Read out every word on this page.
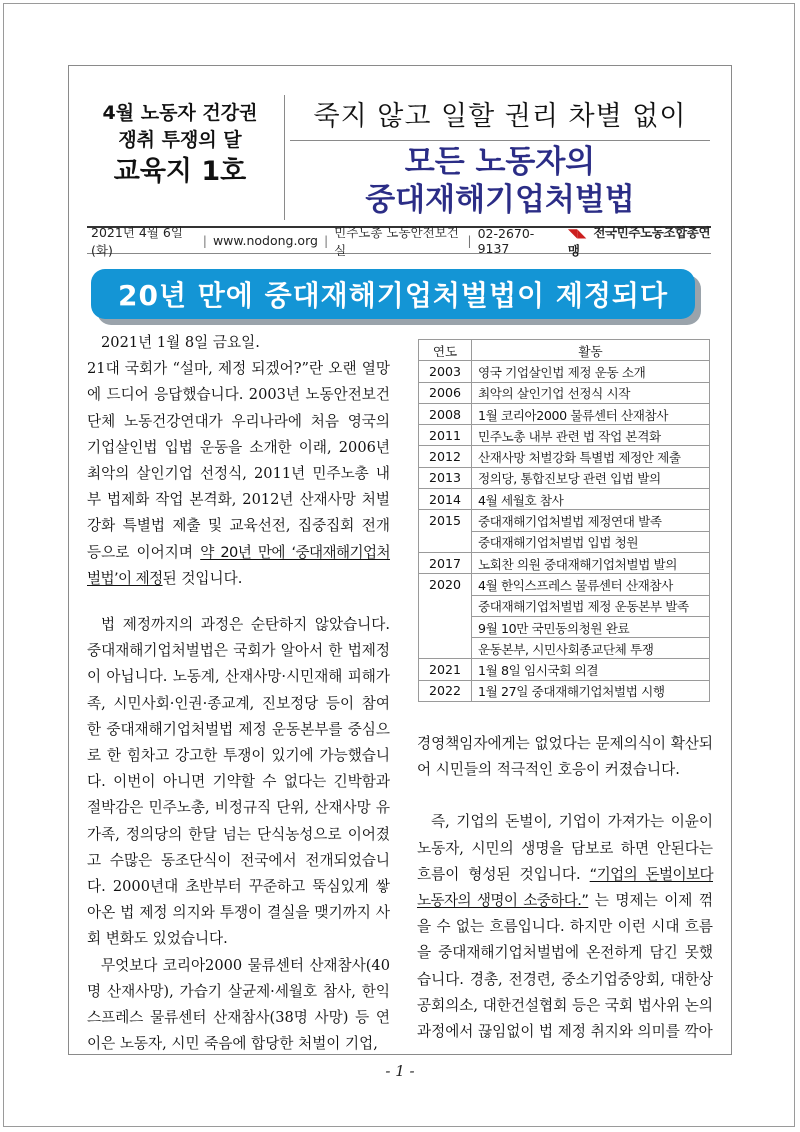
4월 노동자 건강권
쟁취 투쟁의 달
교육지 1호
죽지 않고 일할 권리 차별 없이
모든 노동자의
중대재해기업처벌법
2021년 4월 6일(화)
| www.nodong.org |
민주노총 노동안전보건실
| 02-2670-9137
◥◣ 전국민주노동조합총연맹
20년 만에 중대재해기업처벌법이 제정되다

2021년 1월 8일 금요일.

21대 국회가 “설마, 제정 되겠어?”란 오랜 열망에 드디어 응답했습니다. 2003년 노동안전보건단체 노동건강연대가 우리나라에 처음 영국의 기업살인법 입법 운동을 소개한 이래, 2006년 최악의 살인기업 선정식, 2011년 민주노총 내부 법제화 작업 본격화, 2012년 산재사망 처벌강화 특별법 제출 및 교육선전, 집중집회 전개 등으로 이어지며 약 20년 만에 ‘중대재해기업처벌법’이 제정된 것입니다.

법 제정까지의 과정은 순탄하지 않았습니다. 중대재해기업처벌법은 국회가 알아서 한 법제정이 아닙니다. 노동계, 산재사망·시민재해 피해가족, 시민사회·인권·종교계, 진보정당 등이 참여한 중대재해기업처벌법 제정 운동본부를 중심으로 한 힘차고 강고한 투쟁이 있기에 가능했습니다. 이번이 아니면 기약할 수 없다는 긴박함과 절박감은 민주노총, 비정규직 단위, 산재사망 유가족, 정의당의 한달 넘는 단식농성으로 이어졌고 수많은 동조단식이 전국에서 전개되었습니다. 2000년대 초반부터 꾸준하고 뚝심있게 쌓아온 법 제정 의지와 투쟁이 결실을 맺기까지 사회 변화도 있었습니다.

무엇보다 코리아2000 물류센터 산재참사(40명 산재사망), 가습기 살균제·세월호 참사, 한익스프레스 물류센터 산재참사(38명 사망) 등 연이은 노동자, 시민 죽음에 합당한 처벌이 기업,

연도	활동
2003	영국 기업살인법 제정 운동 소개
2006	최악의 살인기업 선정식 시작
2008	1월 코리아2000 물류센터 산재참사
2011	민주노총 내부 관련 법 작업 본격화
2012	산재사망 처벌강화 특별법 제정안 제출
2013	정의당, 통합진보당 관련 입법 발의
2014	4월 세월호 참사
2015	중대재해기업처벌법 제정연대 발족
	중대재해기업처벌법 입법 청원
2017	노회찬 의원 중대재해기업처벌법 발의
2020	4월 한익스프레스 물류센터 산재참사
	중대재해기업처벌법 제정 운동본부 발족
	9월 10만 국민동의청원 완료
	운동본부, 시민사회종교단체 투쟁
2021	1월 8일 임시국회 의결
2022	1월 27일 중대재해기업처벌법 시행

경영책임자에게는 없었다는 문제의식이 확산되어 시민들의 적극적인 호응이 커졌습니다.

즉, 기업의 돈벌이, 기업이 가져가는 이윤이 노동자, 시민의 생명을 담보로 하면 안된다는 흐름이 형성된 것입니다. “기업의 돈벌이보다 노동자의 생명이 소중하다.” 는 명제는 이제 꺾을 수 없는 흐름입니다. 하지만 이런 시대 흐름을 중대재해기업처벌법에 온전하게 담긴 못했습니다. 경총, 전경련, 중소기업중앙회, 대한상공회의소, 대한건설협회 등은 국회 법사위 논의과정에서 끊임없이 법 제정 취지와 의미를 깍아

- 1 -
